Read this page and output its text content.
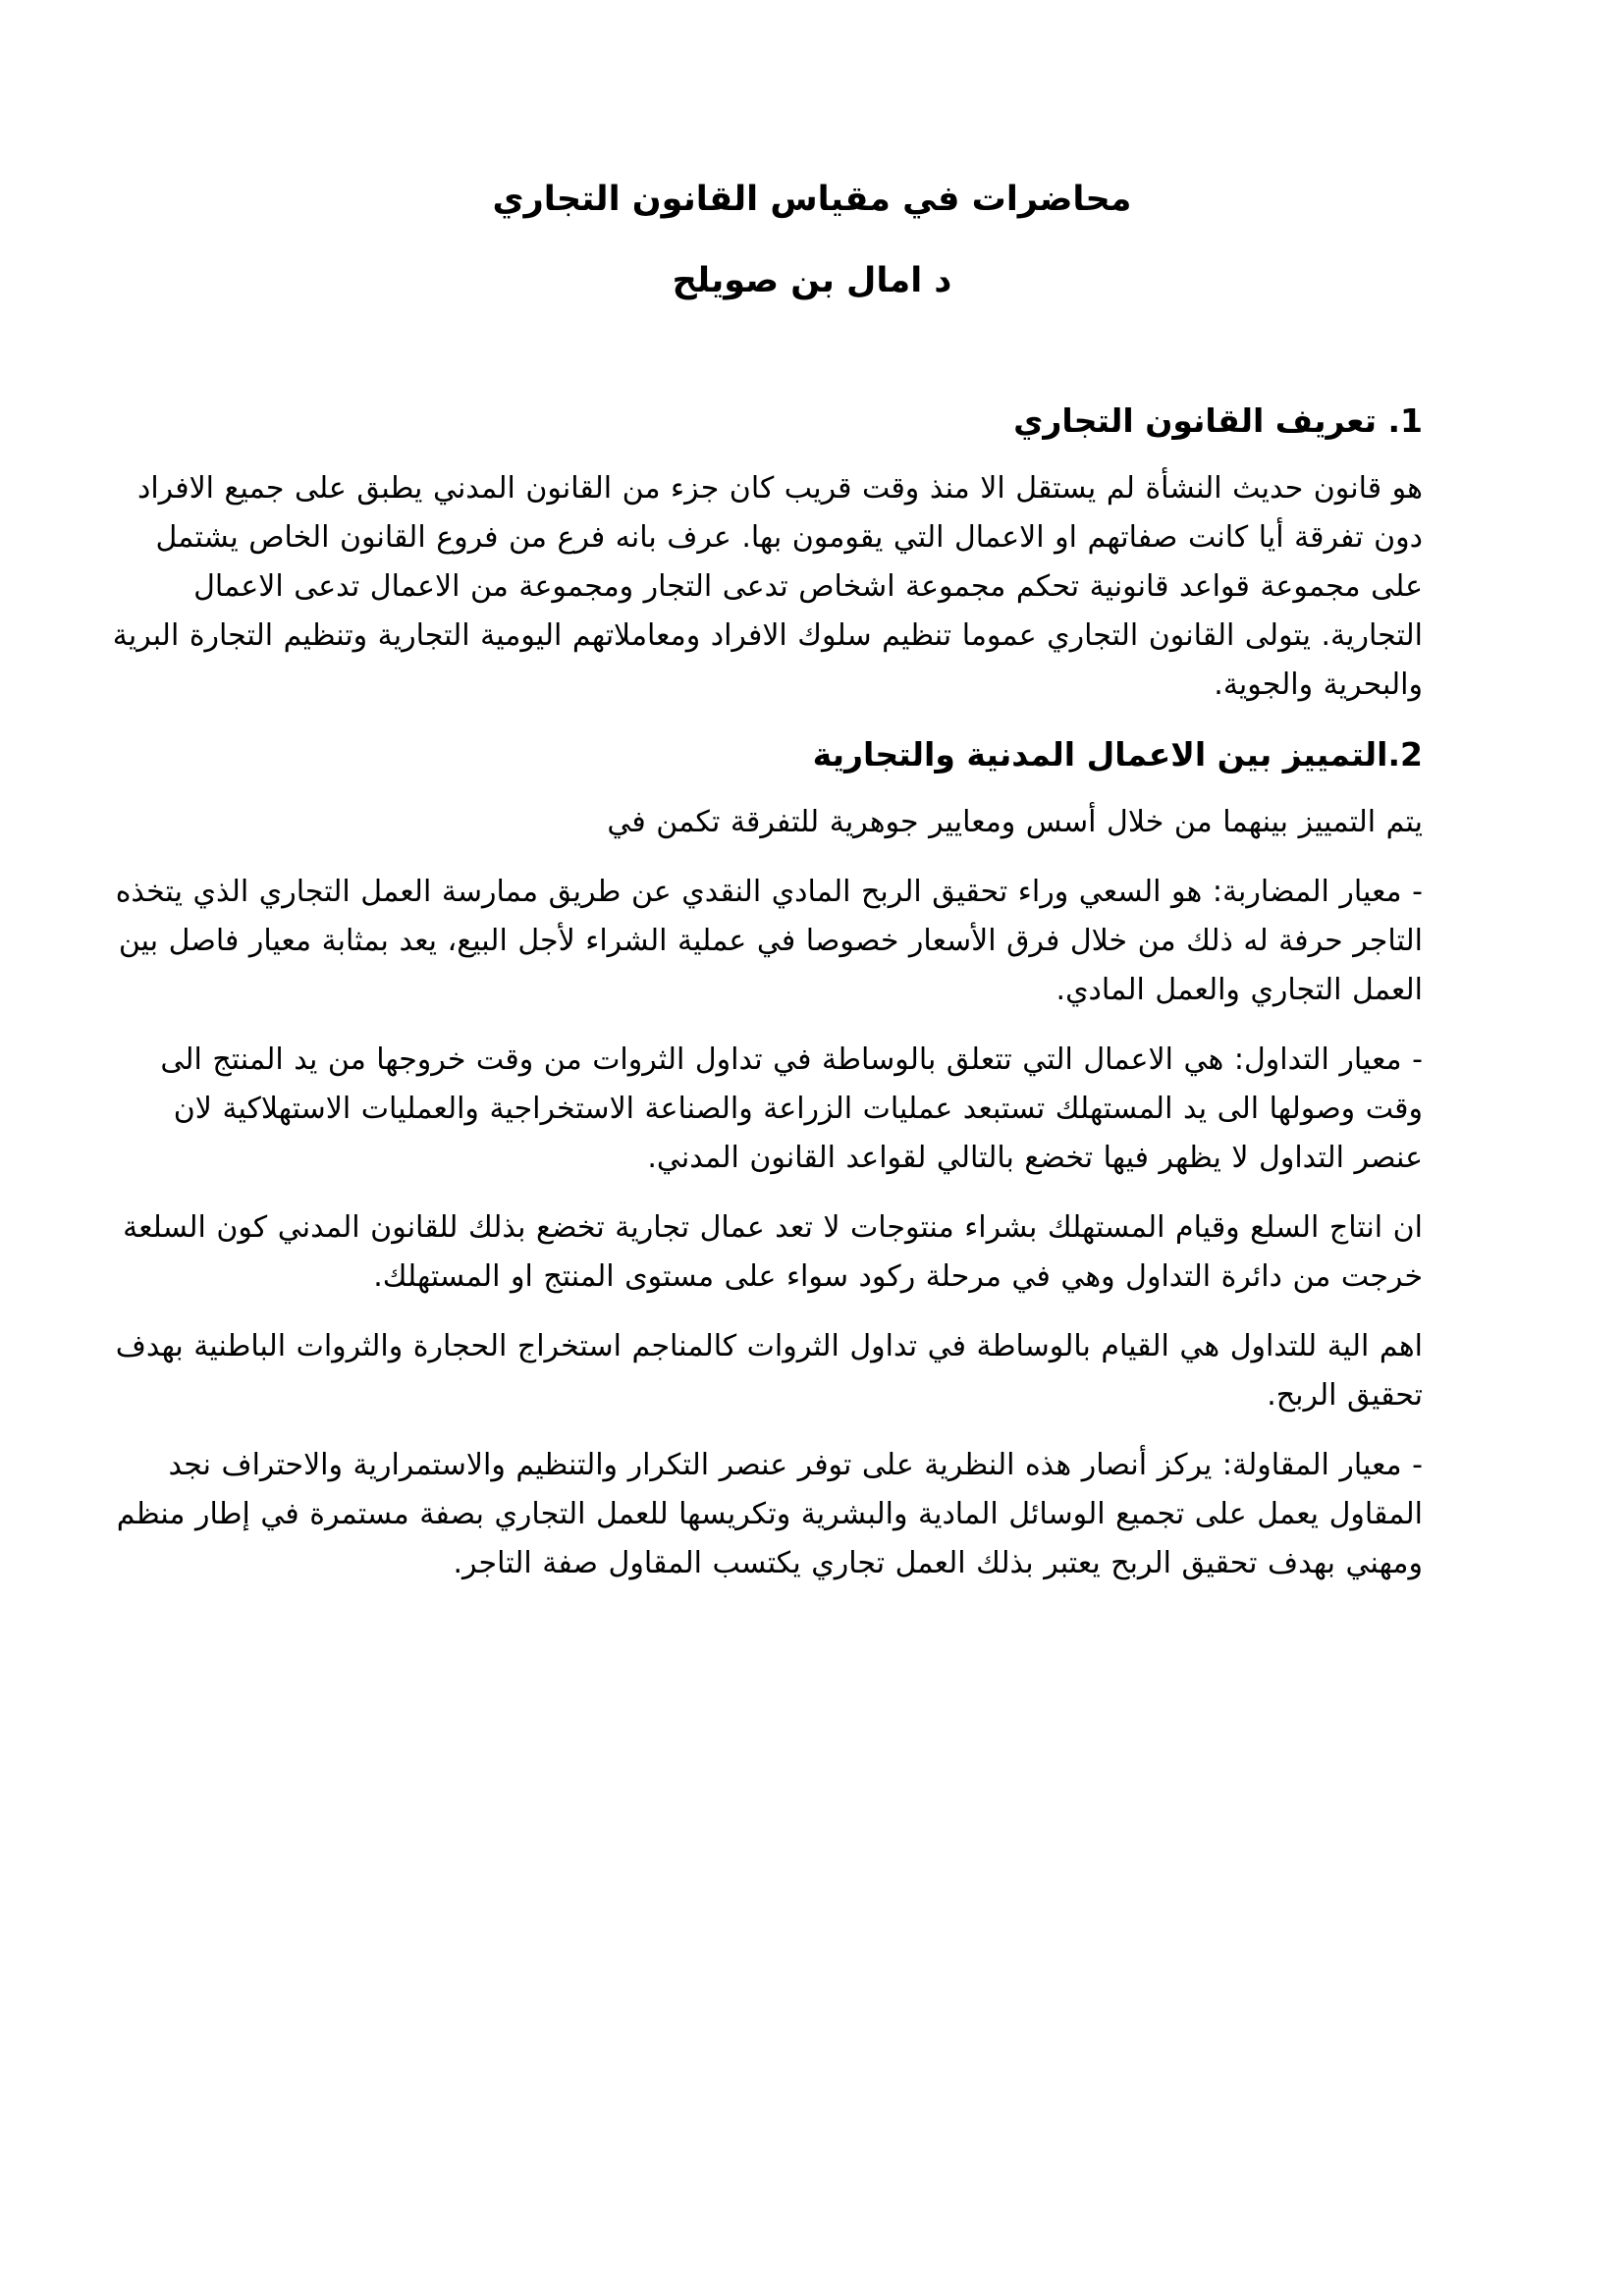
محاضرات في مقياس القانون التجاري

د امال بن صويلح

1. تعريف القانون التجاري

هو قانون حديث النشأة لم يستقل الا منذ وقت قريب كان جزء من القانون المدني يطبق على جميع الافراد دون تفرقة أيا كانت صفاتهم او الاعمال التي يقومون بها. عرف بانه فرع من فروع القانون الخاص يشتمل على مجموعة قواعد قانونية تحكم مجموعة اشخاص تدعى التجار ومجموعة من الاعمال تدعى الاعمال التجارية. يتولى القانون التجاري عموما تنظيم سلوك الافراد ومعاملاتهم اليومية التجارية وتنظيم التجارة البرية والبحرية والجوية.

2.التمييز بين الاعمال المدنية والتجارية

يتم التمييز بينهما من خلال أسس ومعايير جوهرية للتفرقة تكمن في

- معيار المضاربة: هو السعي وراء تحقيق الربح المادي النقدي عن طريق ممارسة العمل التجاري الذي يتخذه التاجر حرفة له ذلك من خلال فرق الأسعار خصوصا في عملية الشراء لأجل البيع، يعد بمثابة معيار فاصل بين العمل التجاري والعمل المادي.

- معيار التداول: هي الاعمال التي تتعلق بالوساطة في تداول الثروات من وقت خروجها من يد المنتج الى وقت وصولها الى يد المستهلك تستبعد عمليات الزراعة والصناعة الاستخراجية والعمليات الاستهلاكية لان عنصر التداول لا يظهر فيها تخضع بالتالي لقواعد القانون المدني.

ان انتاج السلع وقيام المستهلك بشراء منتوجات لا تعد عمال تجارية تخضع بذلك للقانون المدني كون السلعة خرجت من دائرة التداول وهي في مرحلة ركود سواء على مستوى المنتج او المستهلك.

اهم الية للتداول هي القيام بالوساطة في تداول الثروات كالمناجم استخراج الحجارة والثروات الباطنية بهدف تحقيق الربح.

- معيار المقاولة: يركز أنصار هذه النظرية على توفر عنصر التكرار والتنظيم والاستمرارية والاحتراف نجد المقاول يعمل على تجميع الوسائل المادية والبشرية وتكريسها للعمل التجاري بصفة مستمرة في إطار منظم ومهني بهدف تحقيق الربح يعتبر بذلك العمل تجاري يكتسب المقاول صفة التاجر.
